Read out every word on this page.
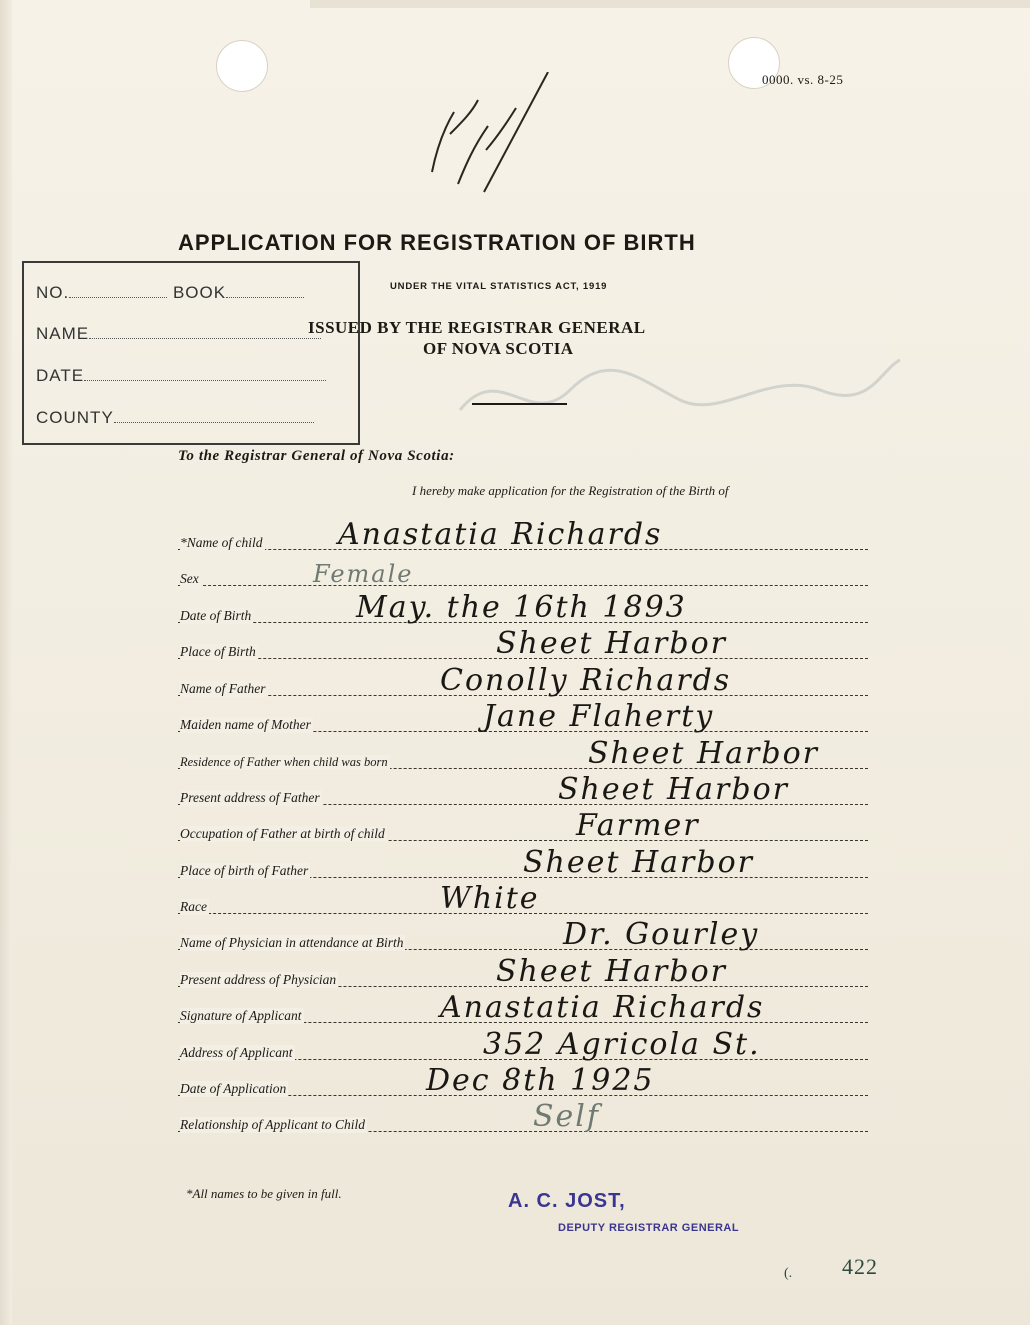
0000. vs. 8-25
APPLICATION FOR REGISTRATION OF BIRTH
UNDER THE VITAL STATISTICS ACT, 1919
ISSUED BY THE REGISTRAR GENERAL
OF NOVA SCOTIA
NO.	BOOK
NAME
DATE
COUNTY
To the Registrar General of Nova Scotia:
I hereby make application for the Registration of the Birth of
*Name of child	Anastatia Richards
Sex	Female
Date of Birth	May. the 16th 1893
Place of Birth	Sheet Harbor
Name of Father	Conolly Richards
Maiden name of Mother	Jane Flaherty
Residence of Father when child was born	Sheet Harbor
Present address of Father	Sheet Harbor
Occupation of Father at birth of child	Farmer
Place of birth of Father	Sheet Harbor
Race	White
Name of Physician in attendance at Birth	Dr. Gourley
Present address of Physician	Sheet Harbor
Signature of Applicant	Anastatia Richards
Address of Applicant	352 Agricola St.
Date of Application	Dec 8th 1925
Relationship of Applicant to Child	Self
*All names to be given in full.	A. C. JOST,
DEPUTY REGISTRAR GENERAL
(. 422
